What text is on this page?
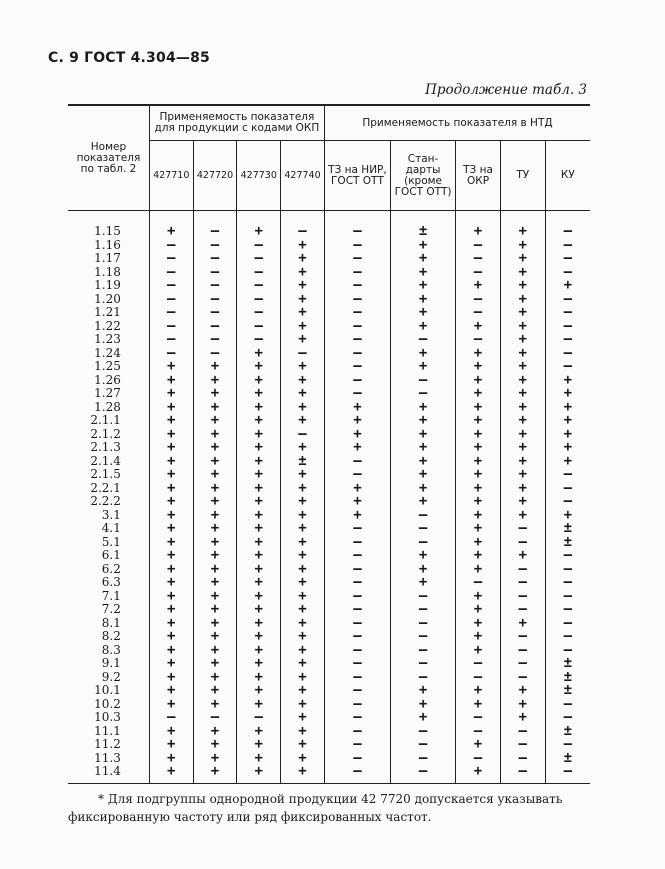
С. 9 ГОСТ 4.304—85
Продолжение табл. 3
Номер показателя по табл. 2	Применяемость показателя для продукции с кодами ОКП				Применяемость показателя в НТД				
	427710	427720	427730	427740	ТЗ на НИР, ГОСТ ОТТ	Стан-дарты (кроме ГОСТ ОТТ)	ТЗ на ОКР	ТУ	КУ
1.15	+	—	+	—	—	±	+	+	—
1.16	—	—	—	+	—	+	—	+	—
1.17	—	—	—	+	—	+	—	+	—
1.18	—	—	—	+	—	+	—	+	—
1.19	—	—	—	+	—	+	+	+	+
1.20	—	—	—	+	—	+	—	+	—
1.21	—	—	—	+	—	+	—	+	—
1.22	—	—	—	+	—	+	+	+	—
1.23	—	—	—	+	—	—	—	+	—
1.24	—	—	+	—	—	+	+	+	—
1.25	+	+	+	+	—	+	+	+	—
1.26	+	+	+	+	—	—	+	+	+
1.27	+	+	+	+	—	—	+	+	+
1.28	+	+	+	+	+	+	+	+	+
2.1.1	+	+	+	+	+	+	+	+	+
2.1.2	+	+	+	—	+	+	+	+	+
2.1.3	+	+	+	+	+	+	+	+	+
2.1.4	+	+	+	±	—	+	+	+	+
2.1.5	+	+	+	+	—	+	+	+	—
2.2.1	+	+	+	+	+	+	+	+	—
2.2.2	+	+	+	+	+	+	+	+	—
3.1	+	+	+	+	+	—	+	+	+
4.1	+	+	+	+	—	—	+	—	±
5.1	+	+	+	+	—	—	+	—	±
6.1	+	+	+	+	—	+	+	+	—
6.2	+	+	+	+	—	+	+	—	—
6.3	+	+	+	+	—	+	—	—	—
7.1	+	+	+	+	—	—	+	—	—
7.2	+	+	+	+	—	—	+	—	—
8.1	+	+	+	+	—	—	+	+	—
8.2	+	+	+	+	—	—	+	—	—
8.3	+	+	+	+	—	—	+	—	—
9.1	+	+	+	+	—	—	—	—	±
9.2	+	+	+	+	—	—	—	—	±
10.1	+	+	+	+	—	+	+	+	±
10.2	+	+	+	+	—	+	+	+	—
10.3	—	—	—	+	—	+	—	+	—
11.1	+	+	+	+	—	—	—	—	±
11.2	+	+	+	+	—	—	+	—	—
11.3	+	+	+	+	—	—	—	—	±
11.4	+	+	+	+	—	—	+	—	—
* Для подгруппы однородной продукции 42 7720 допускается указывать фиксированную частоту или ряд фиксированных частот.
